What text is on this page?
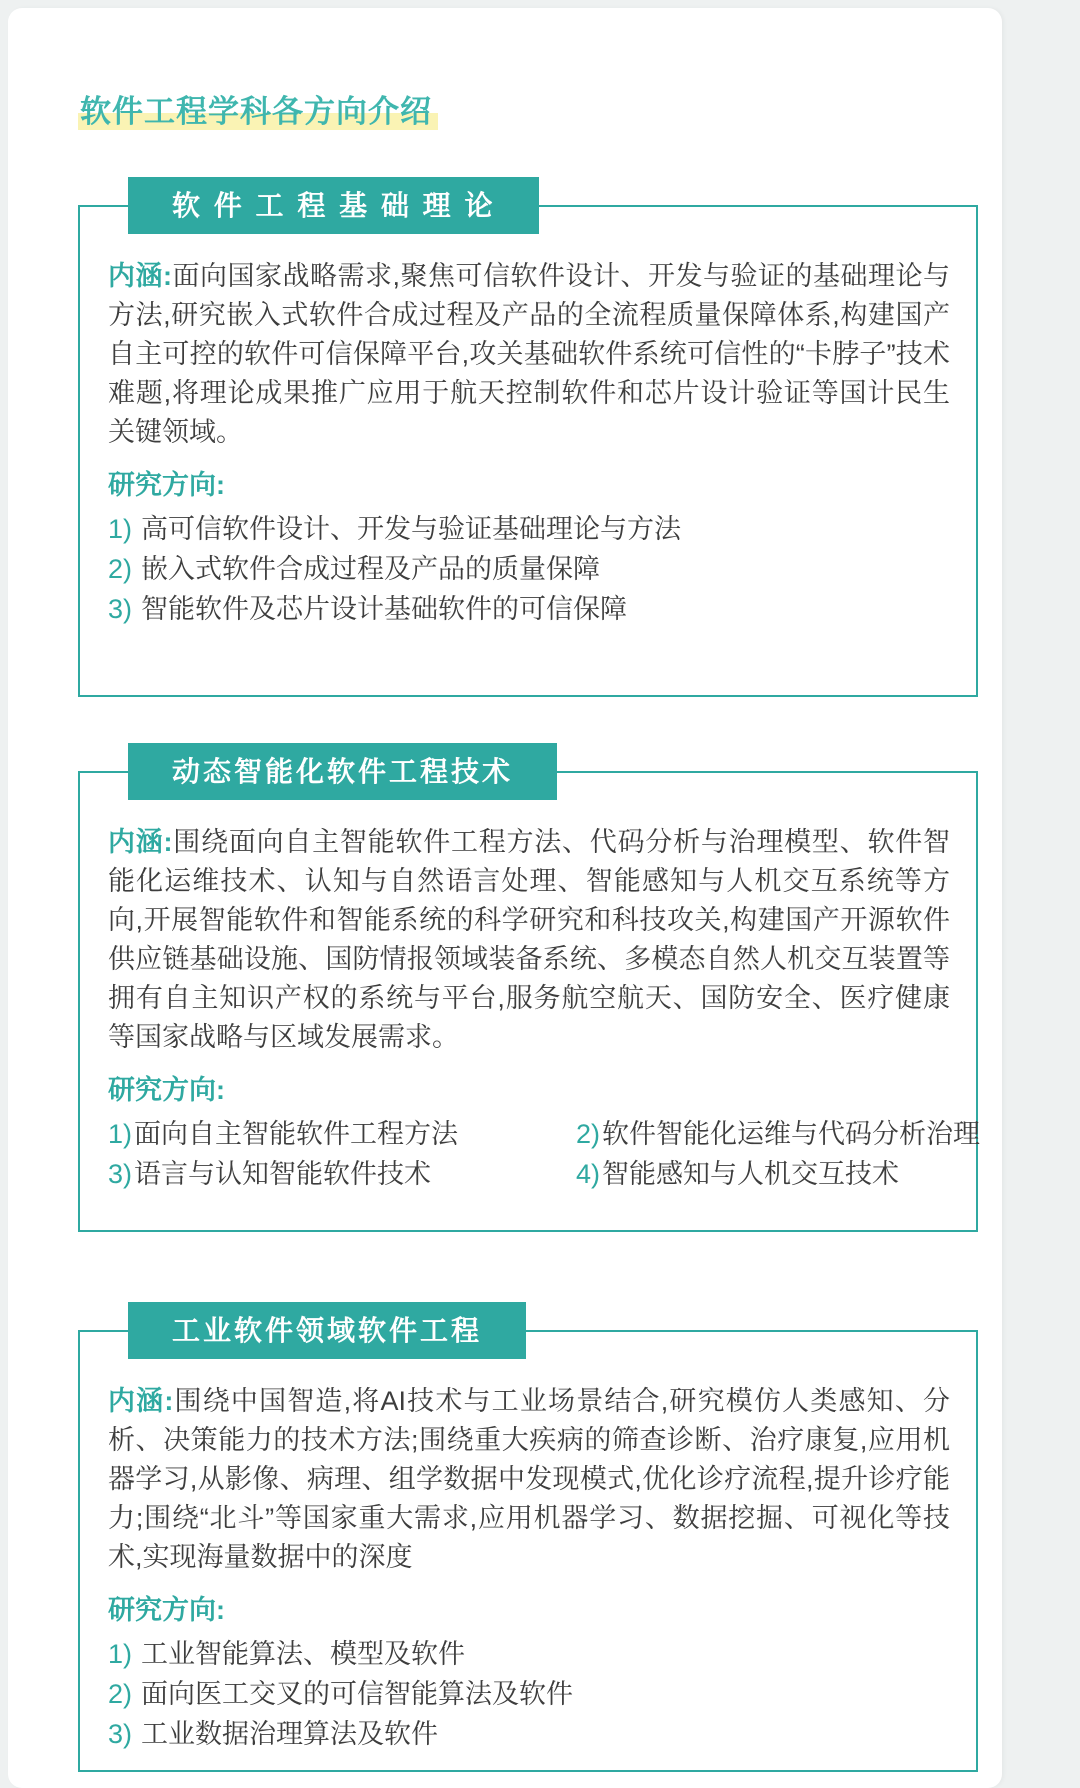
软件工程学科各方向介绍
软 件 工 程 基 础 理 论

内涵:面向国家战略需求,聚焦可信软件设计、开发与验证的基础理论与方法,研究嵌入式软件合成过程及产品的全流程质量保障体系,构建国产自主可控的软件可信保障平台,攻关基础软件系统可信性的“卡脖子”技术难题,将理论成果推广应用于航天控制软件和芯片设计验证等国计民生关键领域。

研究方向:

1) 高可信软件设计、开发与验证基础理论与方法
2) 嵌入式软件合成过程及产品的质量保障
3) 智能软件及芯片设计基础软件的可信保障
动态智能化软件工程技术

内涵:围绕面向自主智能软件工程方法、代码分析与治理模型、软件智能化运维技术、认知与自然语言处理、智能感知与人机交互系统等方向,开展智能软件和智能系统的科学研究和科技攻关,构建国产开源软件供应链基础设施、国防情报领域装备系统、多模态自然人机交互装置等拥有自主知识产权的系统与平台,服务航空航天、国防安全、医疗健康等国家战略与区域发展需求。

研究方向:

1)面向自主智能软件工程方法	2)软件智能化运维与代码分析治理
3)语言与认知智能软件技术	4)智能感知与人机交互技术
工业软件领域软件工程

内涵:围绕中国智造,将AI技术与工业场景结合,研究模仿人类感知、分析、决策能力的技术方法;围绕重大疾病的筛查诊断、治疗康复,应用机器学习,从影像、病理、组学数据中发现模式,优化诊疗流程,提升诊疗能力;围绕“北斗”等国家重大需求,应用机器学习、数据挖掘、可视化等技术,实现海量数据中的深度

研究方向:

1) 工业智能算法、模型及软件
2) 面向医工交叉的可信智能算法及软件
3) 工业数据治理算法及软件
